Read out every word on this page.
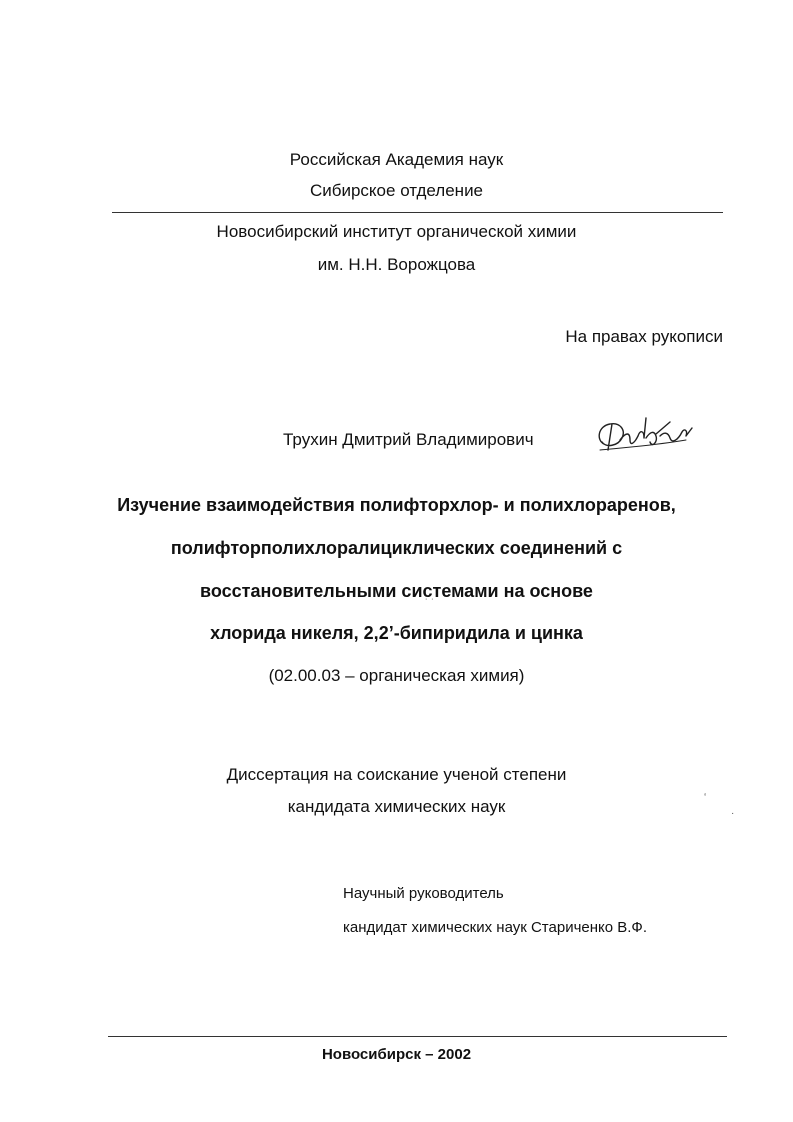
Российская Академия наук
Сибирское отделение
Новосибирский институт органической химии
им. Н.Н. Ворожцова
На правах рукописи
Трухин Дмитрий Владимирович
Изучение взаимодействия полифторхлор- и полихлораренов,
полифторполихлоралициклических соединений с
восстановительными системами на основе
хлорида никеля, 2,2’-бипиридила и цинка
˙ ˙
(02.00.03 – органическая химия)
Диссертация на соискание ученой степени
кандидата химических наук	‘
·
Научный руководитель
кандидат химических наук Стариченко В.Ф.
Новосибирск – 2002
